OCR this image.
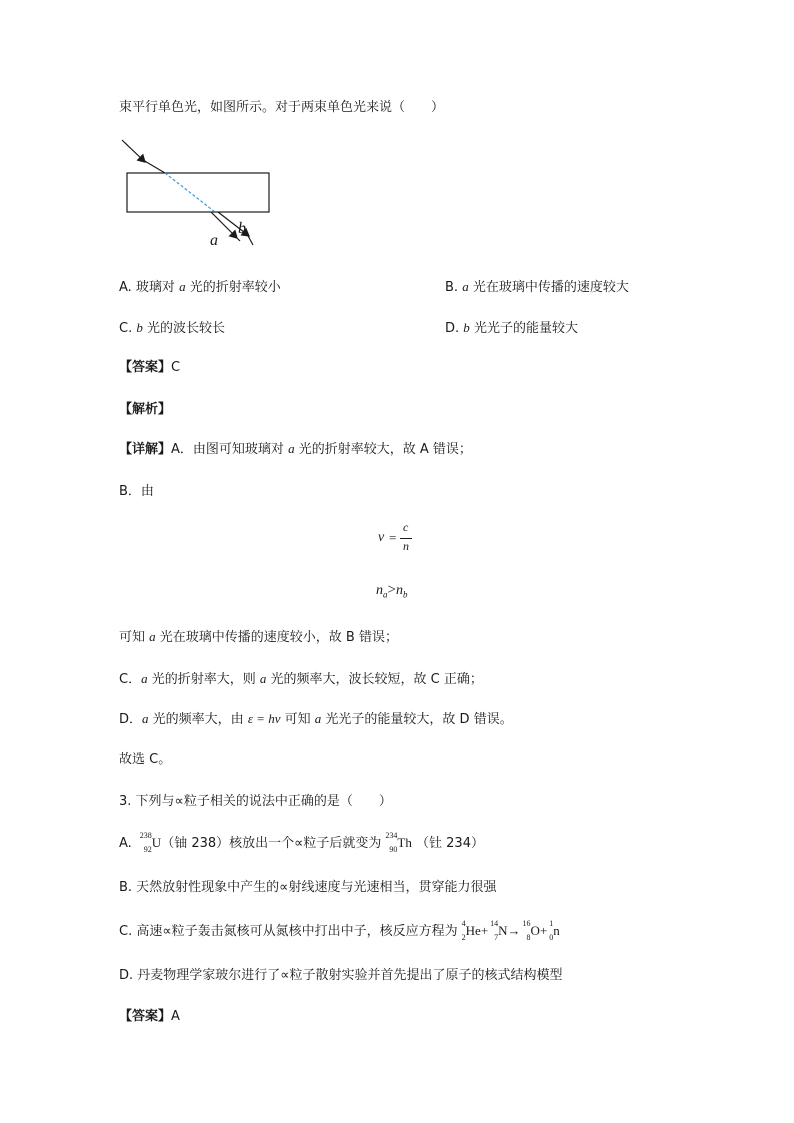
束平行单色光，如图所示。对于两束单色光来说（　　）
b
a
A. 玻璃对 a 光的折射率较小	B. a 光在玻璃中传播的速度较大
C. b 光的波长较长	D. b 光光子的能量较大
【答案】C
【解析】
【详解】A．由图可知玻璃对 a 光的折射率较大，故 A 错误；
B．由
v =
c
n
$n_a>n_b$
可知 a 光在玻璃中传播的速度较小，故 B 错误；
C．a 光的折射率大，则 a 光的频率大，波长较短，故 C 正确；
D．a 光的频率大，由 ε = hν 可知 a 光光子的能量较大，故 D 错误。
故选 C。
3. 下列与∝粒子相关的说法中正确的是（　　）
A.
238
92 U（铀 238）核放出一个∝粒子后就变为
234
90 Th （钍 234）
B. 天然放射性现象中产生的∝射线速度与光速相当，贯穿能力很强
C. 高速∝粒子轰击氮核可从氮核中打出中子，核反应方程为
4
2 He+ 14
7 N→ 16
8 O+ 1
0 n
D. 丹麦物理学家玻尔进行了∝粒子散射实验并首先提出了原子的核式结构模型
【答案】A
